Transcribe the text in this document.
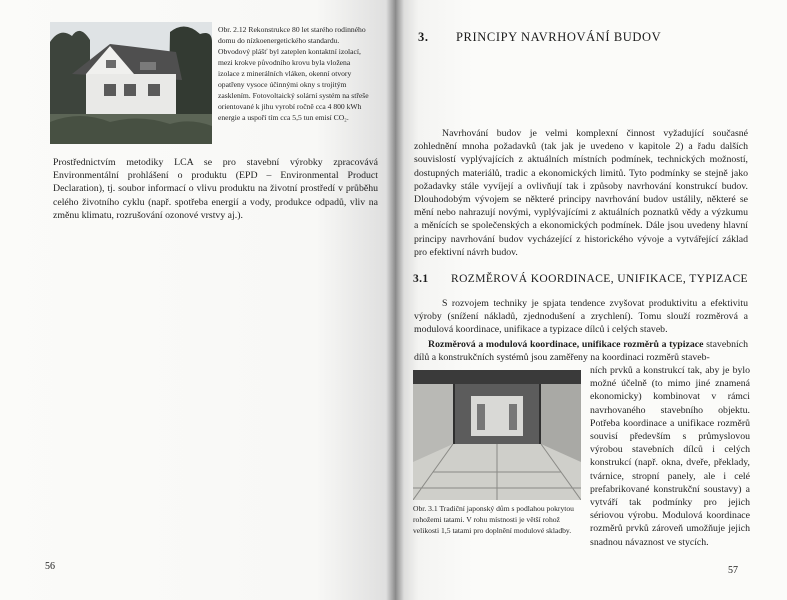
Obr. 2.12 Rekonstrukce 80 let starého rodinného domu do nízkoenergetického standardu. Obvodový plášť byl zateplen kontaktní izolací, mezi krokve původního krovu byla vložena izolace z minerálních vláken, okenní otvory opatřeny vysoce účinnými okny s trojitým zasklením. Fotovoltaický solární systém na střeše orientované k jihu vyrobí ročně cca 4 800 kWh energie a uspoří tím cca 5,5 tun emisí CO₂.
Prostřednictvím metodiky LCA se pro stavební výrobky zpracovává Environmentální prohlášení o produktu (EPD – Environmental Product Declaration), tj. soubor informací o vlivu produktu na životní prostředí v průběhu celého životního cyklu (např. spotřeba energií a vody, produkce odpadů, vliv na změnu klimatu, rozrušování ozonové vrstvy aj.).
56
3. PRINCIPY NAVRHOVÁNÍ BUDOV
Navrhování budov je velmi komplexní činnost vyžadující současné zohlednění mnoha požadavků (tak jak je uvedeno v kapitole 2) a řadu dalších souvislostí vyplývajících z aktuálních místních podmínek, technických možností, dostupných materiálů, tradic a ekonomických limitů. Tyto podmínky se stejně jako požadavky stále vyvíjejí a ovlivňují tak i způsoby navrhování konstrukcí budov. Dlouhodobým vývojem se některé principy navrhování budov ustálily, některé se mění nebo nahrazují novými, vyplývajícími z aktuálních poznatků vědy a výzkumu a měnících se společenských a ekonomických podmínek. Dále jsou uvedeny hlavní principy navrhování budov vycházející z historického vývoje a vytvářející základ pro efektivní návrh budov.
3.1 ROZMĚROVÁ KOORDINACE, UNIFIKACE, TYPIZACE
S rozvojem techniky je spjata tendence zvyšovat produktivitu a efektivitu výroby (snížení nákladů, zjednodušení a zrychlení). Tomu slouží rozměrová a modulová koordinace, unifikace a typizace dílců i celých staveb.
Rozměrová a modulová koordinace, unifikace rozměrů a typizace stavebních dílů a konstrukčních systémů jsou zaměřeny na koordinaci rozměrů staveb-
ních prvků a konstrukcí tak, aby je bylo možné účelně (to mimo jiné znamená ekonomicky) kombinovat v rámci navrhovaného stavebního objektu. Potřeba koordinace a unifikace rozměrů souvisí především s průmyslovou výrobou stavebních dílců i celých konstrukcí (např. okna, dveře, překlady, tvárnice, stropní panely, ale i celé prefabrikované konstrukční soustavy) a vytváří tak podmínky pro jejich sériovou výrobu. Modulová koordinace rozměrů prvků zároveň umožňuje jejich snadnou návaznost ve stycích.
Obr. 3.1 Tradiční japonský dům s podlahou pokrytou rohožemi tatami. V rohu místnosti je větší rohož velikosti 1,5 tatami pro doplnění modulové skladby.
57
